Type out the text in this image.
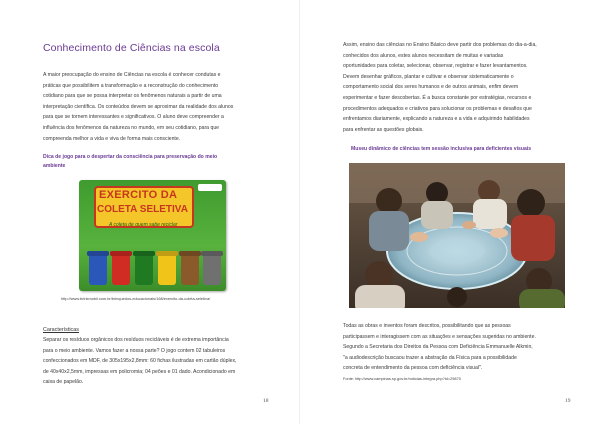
Conhecimento de Ciências na escola
A maior preocupação do ensino de Ciências na escola é conhecer condutas e
práticas que possibilitem a transformação e a reconstrução do conhecimento
cotidiano para que se possa interpretar os fenômenos naturais a partir de uma
interpretação científica. Os conteúdos devem se aproximar da realidade dos alunos
para que se tornem interessantes e significativos. O aluno deve compreender a
influência dos fenômenos da natureza no mundo, em seu cotidiano, para que
compreenda melhor a vida e viva de forma mais consciente.
Dica de jogo para o despertar da consciência para preservação do meio
ambiente
EXERCITO DA
COLETA SELETIVA
A coleta de quem sabe reciclar
http://www.brinkmobil.com.br/brinquedos-educacionais/168/exercito-da-coleta-seletiva/
Características
Separar os resíduos orgânicos dos resíduos recicláveis é de extrema importância
para o meio ambiente. Vamos fazer a nossa parte? O jogo contem 02 tabuleiros
confeccionados em MDF, de 305x195x2,8mm: 60 fichas ilustradas em cartão dúplex,
de 40x40x2,5mm, impressas em policromia; 04 peões e 01 dado. Acondicionado em
caixa de papelão.
18
Assim, ensino das ciências no Ensino Básico deve partir dos problemas do dia-a-dia,
conhecidos dos alunos, estes alunos necessitam de muitas e variadas
oportunidades para coletar, selecionar, observar, registrar e fazer levantamentos.
Devem desenhar gráficos, plantar e cultivar e observar sistematicamente o
comportamento social dos seres humanos e de outros animais, enfim devem
experimentar e fazer descobertas. É a busca constante por estratégias, recursos e
procedimentos adequados e criativos para solucionar os problemas e desafios que
enfrentamos diariamente, explicando a natureza e a vida e adquirindo habilidades
para enfrentar as questões globais.
Museu dinâmico de ciências tem sessão inclusiva para deficientes visuais
Todas as obras e inventos foram descritos, possibilitando que as pessoas
participassem e interagissem com as situações e sensações sugeridas no ambiente.
Segundo a Secretaria dos Direitos da Pessoa com Deficiência Emmanuelle Alkmin,
"a audiodescrição buscaou trazer a abstração da Física para a possibilidade
concreta de entendimento da pessoa com deficiência visual".
Fonte: http://www.campinas.sp.gov.br/noticias-integra.php?id=29870
19
